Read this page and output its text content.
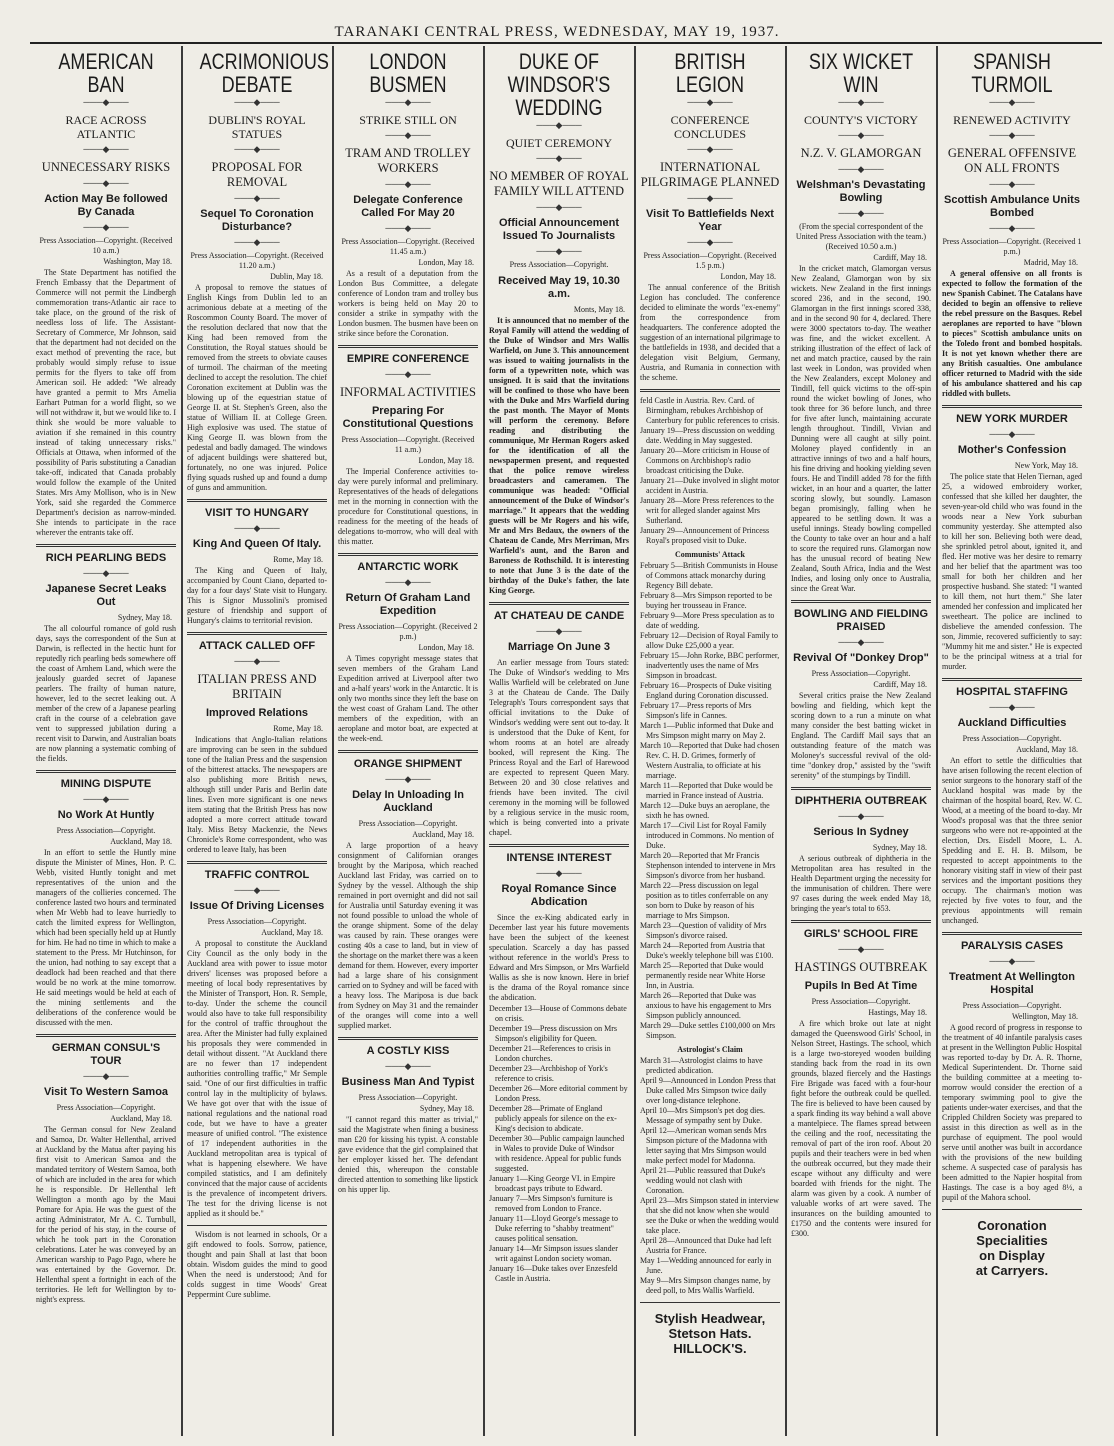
TARANAKI CENTRAL PRESS, WEDNESDAY, MAY 19, 1937.
AMERICAN BAN
───◆───
RACE ACROSS ATLANTIC
───◆───
UNNECESSARY RISKS
───◆───
Action May Be followed By Canada
───◆───
Press Association—Copyright. (Received 10 a.m.)
Washington, May 18.

The State Department has notified the French Embassy that the Department of Commerce will not permit the Lindbergh commemoration trans-Atlantic air race to take place, on the ground of the risk of needless loss of life. The Assistant-Secretary of Commerce, Mr Johnson, said that the department had not decided on the exact method of preventing the race, but probably would simply refuse to issue permits for the flyers to take off from American soil. He added: "We already have granted a permit to Mrs Amelia Earhart Putman for a world flight, so we will not withdraw it, but we would like to. I think she would be more valuable to aviation if she remained in this country instead of taking unnecessary risks." Officials at Ottawa, when informed of the possibility of Paris substituting a Canadian take-off, indicated that Canada probably would follow the example of the United States. Mrs Amy Mollison, who is in New York, said she regarded the Commerce Department's decision as narrow-minded. She intends to participate in the race wherever the entrants take off.

RICH PEARLING BEDS
───◆───
Japanese Secret Leaks Out
Sydney, May 18.

The all colourful romance of gold rush days, says the correspondent of the Sun at Darwin, is reflected in the hectic hunt for reputedly rich pearling beds somewhere off the coast of Arnhem Land, which were the jealously guarded secret of Japanese pearlers. The frailty of human nature, however, led to the secret leaking out. A member of the crew of a Japanese pearling craft in the course of a celebration gave vent to suppressed jubilation during a recent visit to Darwin, and Australian boats are now planning a systematic combing of the fields.

MINING DISPUTE
───◆───
No Work At Huntly
Press Association—Copyright.
Auckland, May 18.

In an effort to settle the Huntly mine dispute the Minister of Mines, Hon. P. C. Webb, visited Huntly tonight and met representatives of the union and the managers of the collieries concerned. The conference lasted two hours and terminated when Mr Webb had to leave hurriedly to catch the limited express for Wellington, which had been specially held up at Huntly for him. He had no time in which to make a statement to the Press. Mr Hutchinson, for the union, had nothing to say except that a deadlock had been reached and that there would be no work at the mine tomorrow. He said meetings would be held at each of the mining settlements and the deliberations of the conference would be discussed with the men.

GERMAN CONSUL'S TOUR
───◆───
Visit To Western Samoa
Press Association—Copyright.
Auckland, May 18.

The German consul for New Zealand and Samoa, Dr. Walter Hellenthal, arrived at Auckland by the Matua after paying his first visit to American Samoa and the mandated territory of Western Samoa, both of which are included in the area for which he is responsible. Dr Hellenthal left Wellington a month ago by the Maui Pomare for Apia. He was the guest of the acting Administrator, Mr A. C. Turnbull, for the period of his stay, in the course of which he took part in the Coronation celebrations. Later he was conveyed by an American warship to Pago Pago, where he was entertained by the Governor. Dr. Hellenthal spent a fortnight in each of the territories. He left for Wellington by to-night's express.

ACRIMONIOUS DEBATE
───◆───
DUBLIN'S ROYAL STATUES
───◆───
PROPOSAL FOR REMOVAL
───◆───
Sequel To Coronation Disturbance?
───◆───
Press Association—Copyright. (Received 11.20 a.m.)
Dublin, May 18.

A proposal to remove the statues of English Kings from Dublin led to an acrimonious debate at a meeting of the Roscommon County Board. The mover of the resolution declared that now that the King had been removed from the Constitution, the Royal statues should be removed from the streets to obviate causes of turmoil. The chairman of the meeting declined to accept the resolution. The chief Coronation excitement at Dublin was the blowing up of the equestrian statue of George II. at St. Stephen's Green, also the statue of William II. at College Green. High explosive was used. The statue of King George II. was blown from the pedestal and badly damaged. The windows of adjacent buildings were shattered but, fortunately, no one was injured. Police flying squads rushed up and found a dump of guns and ammunition.

VISIT TO HUNGARY
───◆───
King And Queen Of Italy.
Rome, May 18.

The King and Queen of Italy, accompanied by Count Ciano, departed to-day for a four days' State visit to Hungary. This is Signor Mussolini's promised gesture of friendship and support of Hungary's claims to territorial revision.

ATTACK CALLED OFF
───◆───
ITALIAN PRESS AND BRITAIN
Improved Relations
Rome, May 18.

Indications that Anglo-Italian relations are improving can be seen in the subdued tone of the Italian Press and the suspension of the bitterest attacks. The newspapers are also publishing more British news, although still under Paris and Berlin date lines. Even more significant is one news item stating that the British Press has now adopted a more correct attitude toward Italy. Miss Betsy Mackenzie, the News Chronicle's Rome correspondent, who was ordered to leave Italy, has been

TRAFFIC CONTROL
───◆───
Issue Of Driving Licenses
Press Association—Copyright.
Auckland, May 18.

A proposal to constitute the Auckland City Council as the only body in the Auckland area with power to issue motor drivers' licenses was proposed before a meeting of local body representatives by the Minister of Transport, Hon. R. Semple, to-day. Under the scheme the council would also have to take full responsibility for the control of traffic throughout the area. After the Minister had fully explained his proposals they were commended in detail without dissent. "At Auckland there are no fewer than 17 independent authorities controlling traffic," Mr Semple said. "One of our first difficulties in traffic control lay in the multiplicity of bylaws. We have got over that with the issue of national regulations and the national road code, but we have to have a greater measure of unified control. "The existence of 17 independent authorities in the Auckland metropolitan area is typical of what is happening elsewhere. We have compiled statistics, and I am definitely convinced that the major cause of accidents is the prevalence of incompetent drivers. The test for the driving license is not applied as it should be."

Wisdom is not learned in schools, Or a gift endowed to fools. Sorrow, patience, thought and pain Shall at last that boon obtain. Wisdom guides the mind to good When the need is understood; And for colds suggest in time Woods' Great Peppermint Cure sublime.

LONDON BUSMEN
───◆───
STRIKE STILL ON
───◆───
TRAM AND TROLLEY WORKERS
───◆───
Delegate Conference Called For May 20
───◆───
Press Association—Copyright. (Received 11.45 a.m.)
London, May 18.

As a result of a deputation from the London Bus Committee, a delegate conference of London tram and trolley bus workers is being held on May 20 to consider a strike in sympathy with the London busmen. The busmen have been on strike since before the Coronation.

EMPIRE CONFERENCE
───◆───
INFORMAL ACTIVITIES
Preparing For Constitutional Questions
Press Association—Copyright. (Received 11 a.m.)
London, May 18.

The Imperial Conference activities to-day were purely informal and preliminary. Representatives of the heads of delegations met in the morning in connection with the procedure for Constitutional questions, in readiness for the meeting of the heads of delegations to-morrow, who will deal with this matter.

ANTARCTIC WORK
───◆───
Return Of Graham Land Expedition
Press Association—Copyright. (Received 2 p.m.)
London, May 18.

A Times copyright message states that seven members of the Graham Land Expedition arrived at Liverpool after two and a-half years' work in the Antarctic. It is only two months since they left the base on the west coast of Graham Land. The other members of the expedition, with an aeroplane and motor boat, are expected at the week-end.

ORANGE SHIPMENT
───◆───
Delay In Unloading In Auckland
Press Association—Copyright.
Auckland, May 18.

A large proportion of a heavy consignment of Californian oranges brought by the Mariposa, which reached Auckland last Friday, was carried on to Sydney by the vessel. Although the ship remained in port overnight and did not sail for Australia until Saturday evening it was not found possible to unload the whole of the orange shipment. Some of the delay was caused by rain. These oranges were costing 40s a case to land, but in view of the shortage on the market there was a keen demand for them. However, every importer had a large share of his consignment carried on to Sydney and will be faced with a heavy loss. The Mariposa is due back from Sydney on May 31 and the remainder of the oranges will come into a well supplied market.

A COSTLY KISS
───◆───
Business Man And Typist
Press Association—Copyright.
Sydney, May 18.

"I cannot regard this matter as trivial," said the Magistrate when fining a business man £20 for kissing his typist. A constable gave evidence that the girl complained that her employer kissed her. The defendant denied this, whereupon the constable directed attention to something like lipstick on his upper lip.

DUKE OF WINDSOR'S WEDDING
───◆───
QUIET CEREMONY
───◆───
NO MEMBER OF ROYAL FAMILY WILL ATTEND
───◆───
Official Announcement Issued To Journalists
───◆───
Press Association—Copyright.
Received May 19, 10.30 a.m.
Monts, May 18.

It is announced that no member of the Royal Family will attend the wedding of the Duke of Windsor and Mrs Wallis Warfield, on June 3. This announcement was issued to waiting journalists in the form of a typewritten note, which was unsigned. It is said that the invitations will be confined to those who have been with the Duke and Mrs Warfield during the past month. The Mayor of Monts will perform the ceremony. Before reading and distributing the communique, Mr Herman Rogers asked for the identification of all the newspapermen present, and requested that the police remove wireless broadcasters and cameramen. The communique was headed: "Official announcement of the Duke of Windsor's marriage." It appears that the wedding guests will be Mr Rogers and his wife, Mr and Mrs Bedaux, the owners of the Chateau de Cande, Mrs Merriman, Mrs Warfield's aunt, and the Baron and Baroness de Rothschild. It is interesting to note that June 3 is the date of the birthday of the Duke's father, the late King George.

AT CHATEAU DE CANDE
───◆───
Marriage On June 3

An earlier message from Tours stated: The Duke of Windsor's wedding to Mrs Wallis Warfield will be celebrated on June 3 at the Chateau de Cande. The Daily Telegraph's Tours correspondent says that official invitations to the Duke of Windsor's wedding were sent out to-day. It is understood that the Duke of Kent, for whom rooms at an hotel are already booked, will represent the King. The Princess Royal and the Earl of Harewood are expected to represent Queen Mary. Between 20 and 30 close relatives and friends have been invited. The civil ceremony in the morning will be followed by a religious service in the music room, which is being converted into a private chapel.

INTENSE INTEREST
───◆───
Royal Romance Since Abdication

Since the ex-King abdicated early in December last year his future movements have been the subject of the keenest speculation. Scarcely a day has passed without reference in the world's Press to Edward and Mrs Simpson, or Mrs Warfield Wallis as she is now known. Here in brief is the drama of the Royal romance since the abdication.

December 13—House of Commons debate on crisis.

December 19—Press discussion on Mrs Simpson's eligibility for Queen.

December 21—References to crisis in London churches.

December 23—Archbishop of York's reference to crisis.

December 26—More editorial comment by London Press.

December 28—Primate of England publicly appeals for silence on the ex-King's decision to abdicate.

December 30—Public campaign launched in Wales to provide Duke of Windsor with residence. Appeal for public funds suggested.

January 1—King George VI. in Empire broadcast pays tribute to Edward.

January 7—Mrs Simpson's furniture is removed from London to France.

January 11—Lloyd George's message to Duke referring to "shabby treatment" causes political sensation.

January 14—Mr Simpson issues slander writ against London society woman.

January 16—Duke takes over Enzesfeld Castle in Austria.

BRITISH LEGION
───◆───
CONFERENCE CONCLUDES
───◆───
INTERNATIONAL PILGRIMAGE PLANNED
───◆───
Visit To Battlefields Next Year
───◆───
Press Association—Copyright. (Received 1.5 p.m.)
London, May 18.

The annual conference of the British Legion has concluded. The conference decided to eliminate the words "ex-enemy" from the correspondence from headquarters. The conference adopted the suggestion of an international pilgrimage to the battlefields in 1938, and decided that a delegation visit Belgium, Germany, Austria, and Rumania in connection with the scheme.

feld Castle in Austria. Rev. Card. of Birmingham, rebukes Archbishop of Canterbury for public references to crisis.

January 19—Press discussion on wedding date. Wedding in May suggested.

January 20—More criticism in House of Commons on Archbishop's radio broadcast criticising the Duke.

January 21—Duke involved in slight motor accident in Austria.

January 28—More Press references to the writ for alleged slander against Mrs Sutherland.

January 29—Announcement of Princess Royal's proposed visit to Duke.

Communists' Attack

February 5—British Communists in House of Commons attack monarchy during Regency Bill debate.

February 8—Mrs Simpson reported to be buying her trousseau in France.

February 9—More Press speculation as to date of wedding.

February 12—Decision of Royal Family to allow Duke £25,000 a year.

February 15—John Rorke, BBC performer, inadvertently uses the name of Mrs Simpson in broadcast.

February 16—Prospects of Duke visiting England during Coronation discussed.

February 17—Press reports of Mrs Simpson's life in Cannes.

March 1—Public informed that Duke and Mrs Simpson might marry on May 2.

March 10—Reported that Duke had chosen Rev. C. H. D. Grimes, formerly of Western Australia, to officiate at his marriage.

March 11—Reported that Duke would be married in France instead of Austria.

March 12—Duke buys an aeroplane, the sixth he has owned.

March 17—Civil List for Royal Family introduced in Commons. No mention of Duke.

March 20—Reported that Mr Francis Stephenson intended to intervene in Mrs Simpson's divorce from her husband.

March 22—Press discussion on legal position as to titles conferrable on any son born to Duke by reason of his marriage to Mrs Simpson.

March 23—Question of validity of Mrs Simpson's divorce raised.

March 24—Reported from Austria that Duke's weekly telephone bill was £100.

March 25—Reported that Duke would permanently reside near White Horse Inn, in Austria.

March 26—Reported that Duke was anxious to have his engagement to Mrs Simpson publicly announced.

March 29—Duke settles £100,000 on Mrs Simpson.

Astrologist's Claim

March 31—Astrologist claims to have predicted abdication.

April 9—Announced in London Press that Duke called Mrs Simpson twice daily over long-distance telephone.

April 10—Mrs Simpson's pet dog dies. Message of sympathy sent by Duke.

April 12—American woman sends Mrs Simpson picture of the Madonna with letter saying that Mrs Simpson would make perfect model for Madonna.

April 21—Public reassured that Duke's wedding would not clash with Coronation.

April 23—Mrs Simpson stated in interview that she did not know when she would see the Duke or when the wedding would take place.

April 28—Announced that Duke had left Austria for France.

May 1—Wedding announced for early in June.

May 9—Mrs Simpson changes name, by deed poll, to Mrs Wallis Warfield.

Stylish Headwear,
Stetson Hats.
HILLOCK'S.
SIX WICKET WIN
───◆───
COUNTY'S VICTORY
───◆───
N.Z. V. GLAMORGAN
───◆───
Welshman's Devastating Bowling
───◆───
(From the special correspondent of the United Press Association with the team.) (Received 10.50 a.m.)
Cardiff, May 18.

In the cricket match, Glamorgan versus New Zealand, Glamorgan won by six wickets. New Zealand in the first innings scored 236, and in the second, 190. Glamorgan in the first innings scored 338, and in the second 90 for 4, declared. There were 3000 spectators to-day. The weather was fine, and the wicket excellent. A striking illustration of the effect of lack of net and match practice, caused by the rain last week in London, was provided when the New Zealanders, except Moloney and Tindill, fell quick victims to the off-spin round the wicket bowling of Jones, who took three for 36 before lunch, and three for five after lunch, maintaining accurate length throughout. Tindill, Vivian and Dunning were all caught at silly point. Moloney played confidently in an attractive innings of two and a half hours, his fine driving and hooking yielding seven fours. He and Tindill added 78 for the fifth wicket, in an hour and a quarter, the latter scoring slowly, but soundly. Lamason began promisingly, falling when he appeared to be settling down. It was a useful innings. Steady bowling compelled the County to take over an hour and a half to score the required runs. Glamorgan now has the unusual record of beating New Zealand, South Africa, India and the West Indies, and losing only once to Australia, since the Great War.

BOWLING AND FIELDING PRAISED
───◆───
Revival Of "Donkey Drop"
Press Association—Copyright.
Cardiff, May 18.

Several critics praise the New Zealand bowling and fielding, which kept the scoring down to a run a minute on what many consider the best batting wicket in England. The Cardiff Mail says that an outstanding feature of the match was Moloney's successful revival of the old-time "donkey drop," assisted by the "swift serenity" of the stumpings by Tindill.

DIPHTHERIA OUTBREAK
───◆───
Serious In Sydney
Sydney, May 18.

A serious outbreak of diphtheria in the Metropolitan area has resulted in the Health Department urging the necessity for the immunisation of children. There were 97 cases during the week ended May 18, bringing the year's total to 653.

GIRLS' SCHOOL FIRE
───◆───
HASTINGS OUTBREAK
Pupils In Bed At Time
Press Association—Copyright.
Hastings, May 18.

A fire which broke out late at night damaged the Queenswood Girls' School, in Nelson Street, Hastings. The school, which is a large two-storeyed wooden building standing back from the road in its own grounds, blazed fiercely and the Hastings Fire Brigade was faced with a four-hour fight before the outbreak could be quelled. The fire is believed to have been caused by a spark finding its way behind a wall above a mantelpiece. The flames spread between the ceiling and the roof, necessitating the removal of part of the iron roof. About 20 pupils and their teachers were in bed when the outbreak occurred, but they made their escape without any difficulty and were boarded with friends for the night. The alarm was given by a cook. A number of valuable works of art were saved. The insurances on the building amounted to £1750 and the contents were insured for £300.

SPANISH TURMOIL
───◆───
RENEWED ACTIVITY
───◆───
GENERAL OFFENSIVE ON ALL FRONTS
───◆───
Scottish Ambulance Units Bombed
───◆───
Press Association—Copyright. (Received 1 p.m.)
Madrid, May 18.

A general offensive on all fronts is expected to follow the formation of the new Spanish Cabinet. The Catalans have decided to begin an offensive to relieve the rebel pressure on the Basques. Rebel aeroplanes are reported to have "blown to pieces" Scottish ambulance units on the Toledo front and bombed hospitals. It is not yet known whether there are any British casualties. One ambulance officer returned to Madrid with the side of his ambulance shattered and his cap riddled with bullets.

NEW YORK MURDER
───◆───
Mother's Confession
New York, May 18.

The police state that Helen Tiernan, aged 25, a widowed embroidery worker, confessed that she killed her daughter, the seven-year-old child who was found in the woods near a New York suburban community yesterday. She attempted also to kill her son. Believing both were dead, she sprinkled petrol about, ignited it, and fled. Her motive was her desire to remarry and her belief that the apartment was too small for both her children and her prospective husband. She stated: "I wanted to kill them, not hurt them." She later amended her confession and implicated her sweetheart. The police are inclined to disbelieve the amended confession. The son, Jimmie, recovered sufficiently to say: "Mummy hit me and sister." He is expected to be the principal witness at a trial for murder.

HOSPITAL STAFFING
───◆───
Auckland Difficulties
Press Association—Copyright.
Auckland, May 18.

An effort to settle the difficulties that have arisen following the recent election of senior surgeons to the honorary staff of the Auckland hospital was made by the chairman of the hospital board, Rev. W. C. Wood, at a meeting of the board to-day. Mr Wood's proposal was that the three senior surgeons who were not re-appointed at the election, Drs. Eisdell Moore, L. A. Spedding and E. H. B. Milsom, be requested to accept appointments to the honorary visiting staff in view of their past services and the important positions they occupy. The chairman's motion was rejected by five votes to four, and the previous appointments will remain unchanged.

PARALYSIS CASES
───◆───
Treatment At Wellington Hospital
Press Association—Copyright.
Wellington, May 18.

A good record of progress in response to the treatment of 40 infantile paralysis cases at present in the Wellington Public Hospital was reported to-day by Dr. A. R. Thorne, Medical Superintendent. Dr. Thorne said the building committee at a meeting to-morrow would consider the erection of a temporary swimming pool to give the patients under-water exercises, and that the Crippled Children Society was prepared to assist in this direction as well as in the purchase of equipment. The pool would serve until another was built in accordance with the provisions of the new building scheme. A suspected case of paralysis has been admitted to the Napier hospital from Hastings. The case is a boy aged 8½, a pupil of the Mahora school.

Coronation Specialities
on Display
at Carryers.
